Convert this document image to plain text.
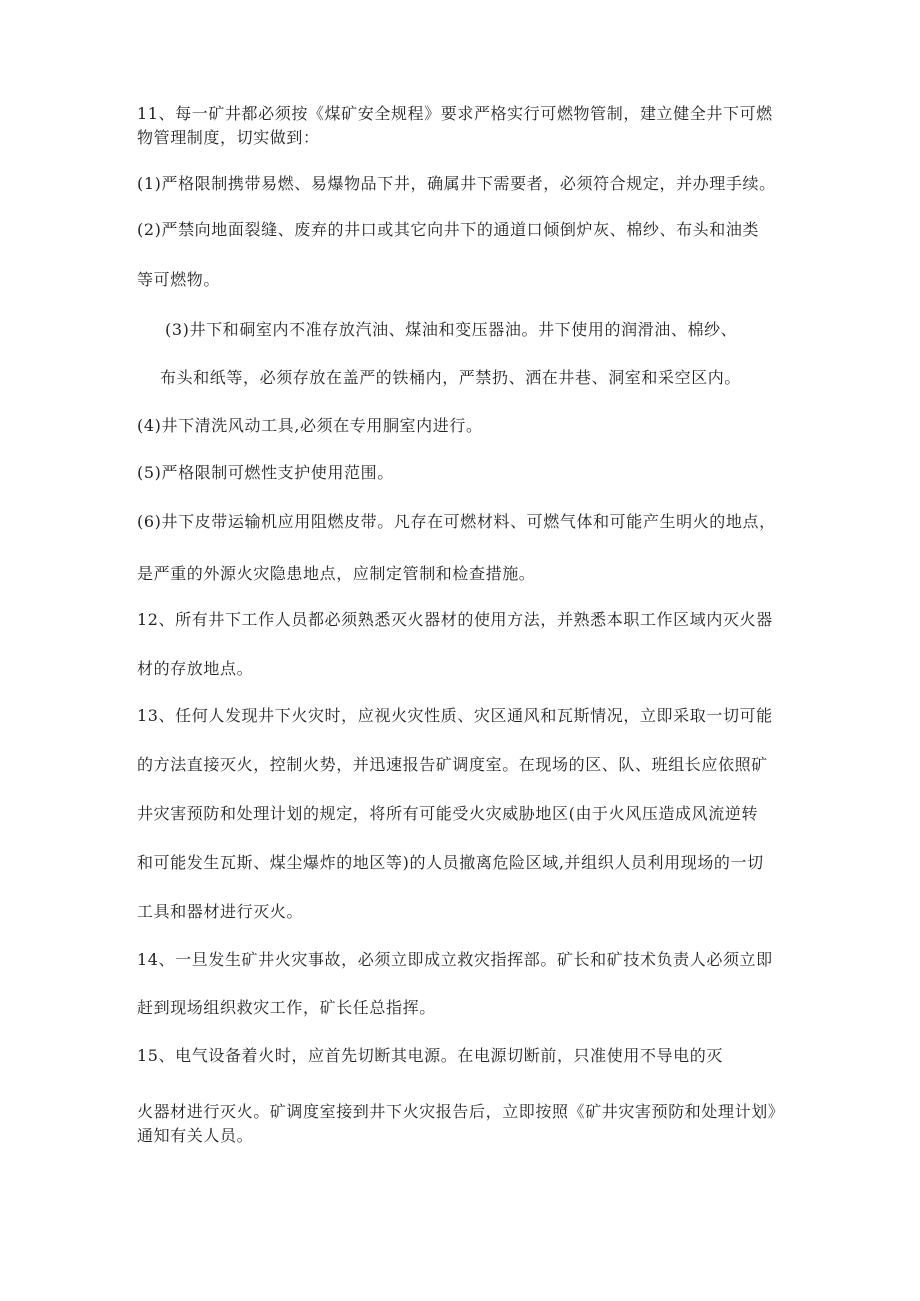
11、每一矿井都必须按《煤矿安全规程》要求严格实行可燃物管制，建立健全井下可燃
物管理制度，切实做到：
(1)严格限制携带易燃、易爆物品下井，确属井下需要者，必须符合规定，并办理手续。
(2)严禁向地面裂缝、废弃的井口或其它向井下的通道口倾倒炉灰、棉纱、布头和油类
等可燃物。
(3)井下和硐室内不准存放汽油、煤油和变压器油。井下使用的润滑油、棉纱、
布头和纸等，必须存放在盖严的铁桶内，严禁扔、洒在井巷、洞室和采空区内。
(4)井下清洗风动工具,必须在专用胴室内进行。
(5)严格限制可燃性支护使用范围。
(6)井下皮带运输机应用阻燃皮带。凡存在可燃材料、可燃气体和可能产生明火的地点，
是严重的外源火灾隐患地点，应制定管制和检查措施。
12、所有井下工作人员都必须熟悉灭火器材的使用方法，并熟悉本职工作区域内灭火器
材的存放地点。
13、任何人发现井下火灾时，应视火灾性质、灾区通风和瓦斯情况，立即采取一切可能
的方法直接灭火，控制火势，并迅速报告矿调度室。在现场的区、队、班组长应依照矿
井灾害预防和处理计划的规定，将所有可能受火灾威胁地区(由于火风压造成风流逆转
和可能发生瓦斯、煤尘爆炸的地区等)的人员撤离危险区域,并组织人员利用现场的一切
工具和器材进行灭火。
14、一旦发生矿井火灾事故，必须立即成立救灾指挥部。矿长和矿技术负责人必须立即
赶到现场组织救灾工作，矿长任总指挥。
15、电气设备着火时，应首先切断其电源。在电源切断前，只准使用不导电的灭
火器材进行灭火。矿调度室接到井下火灾报告后，立即按照《矿井灾害预防和处理计划》
通知有关人员。
